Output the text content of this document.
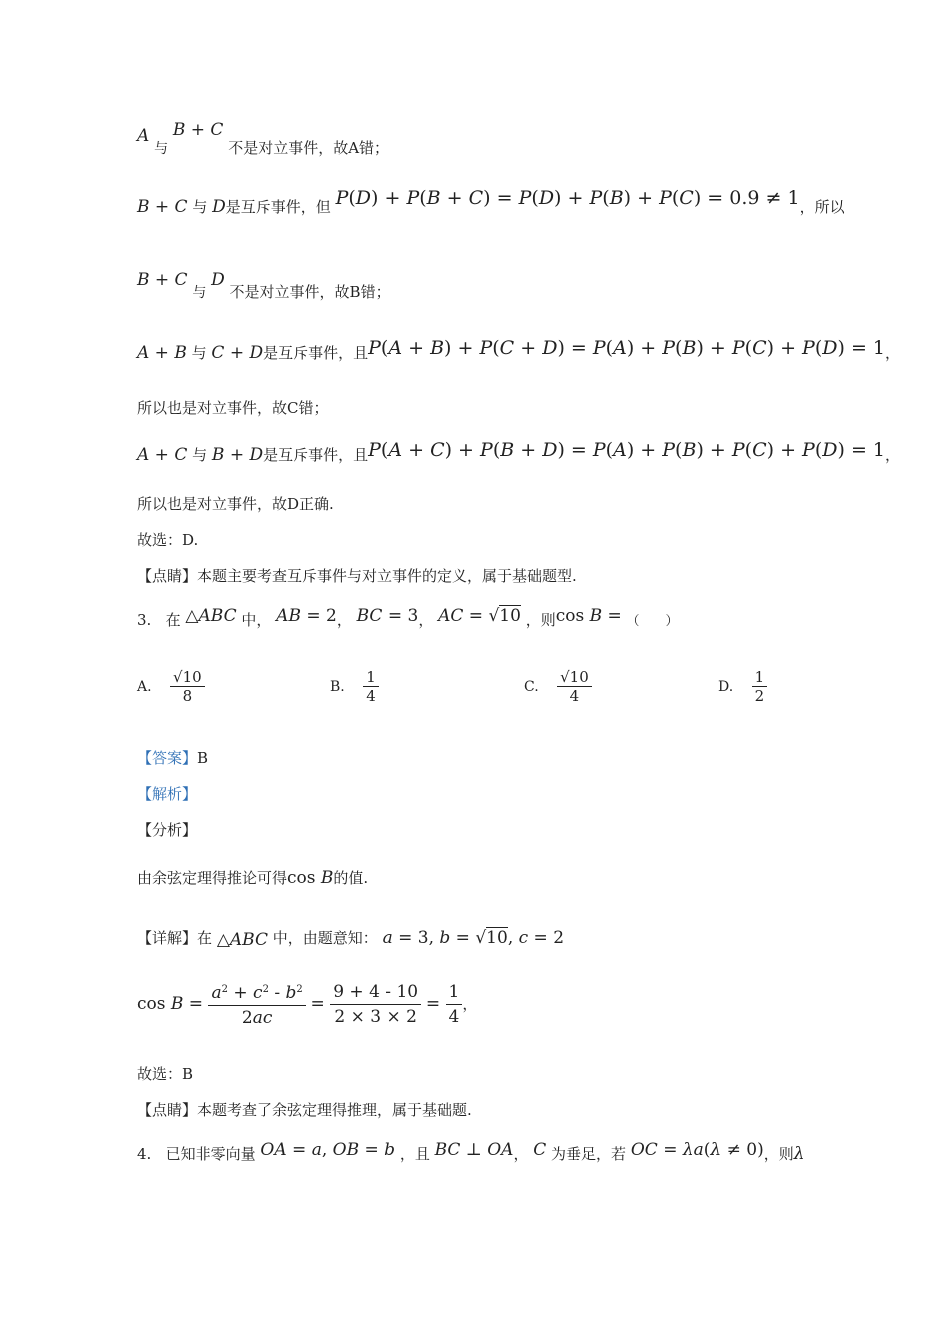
A 与 B + C 不是对立事件，故A错；
B + C 与 D是互斥事件，但 P(D) + P(B + C) = P(D) + P(B) + P(C) = 0.9 ≠ 1，所以
B + C 与 D 不是对立事件，故B错；
A + B 与 C + D是互斥事件，且P(A + B) + P(C + D) = P(A) + P(B) + P(C) + P(D) = 1，
所以也是对立事件，故C错；
A + C 与 B + D是互斥事件，且P(A + C) + P(B + D) = P(A) + P(B) + P(C) + P(D) = 1，
所以也是对立事件，故D正确.
故选：D.
【点睛】本题主要考查互斥事件与对立事件的定义，属于基础题型.
3. 在 △ABC 中， AB = 2， BC = 3， AC = √10 ，则cos B = （　　）
A. $\frac{√10}{8}$	B. $\frac{1}{4}$	C. $\frac{√10}{4}$	D. $\frac{1}{2}$
【答案】B
【解析】
【分析】
由余弦定理得推论可得cos B的值.
【详解】在 △ABC 中，由题意知： a = 3, b = √10, c = 2
$\cos B = \frac{a^2 + c^2 - b^2}{2ac} = \frac{9 + 4 - 10}{2 \times 3 \times 2} = \frac{1}{4}$ ，
故选：B
【点睛】本题考查了余弦定理得推理，属于基础题.
4. 已知非零向量 OA = a, OB = b ，且 BC ⊥ OA， C 为垂足，若 OC = λa(λ ≠ 0)，则λ
